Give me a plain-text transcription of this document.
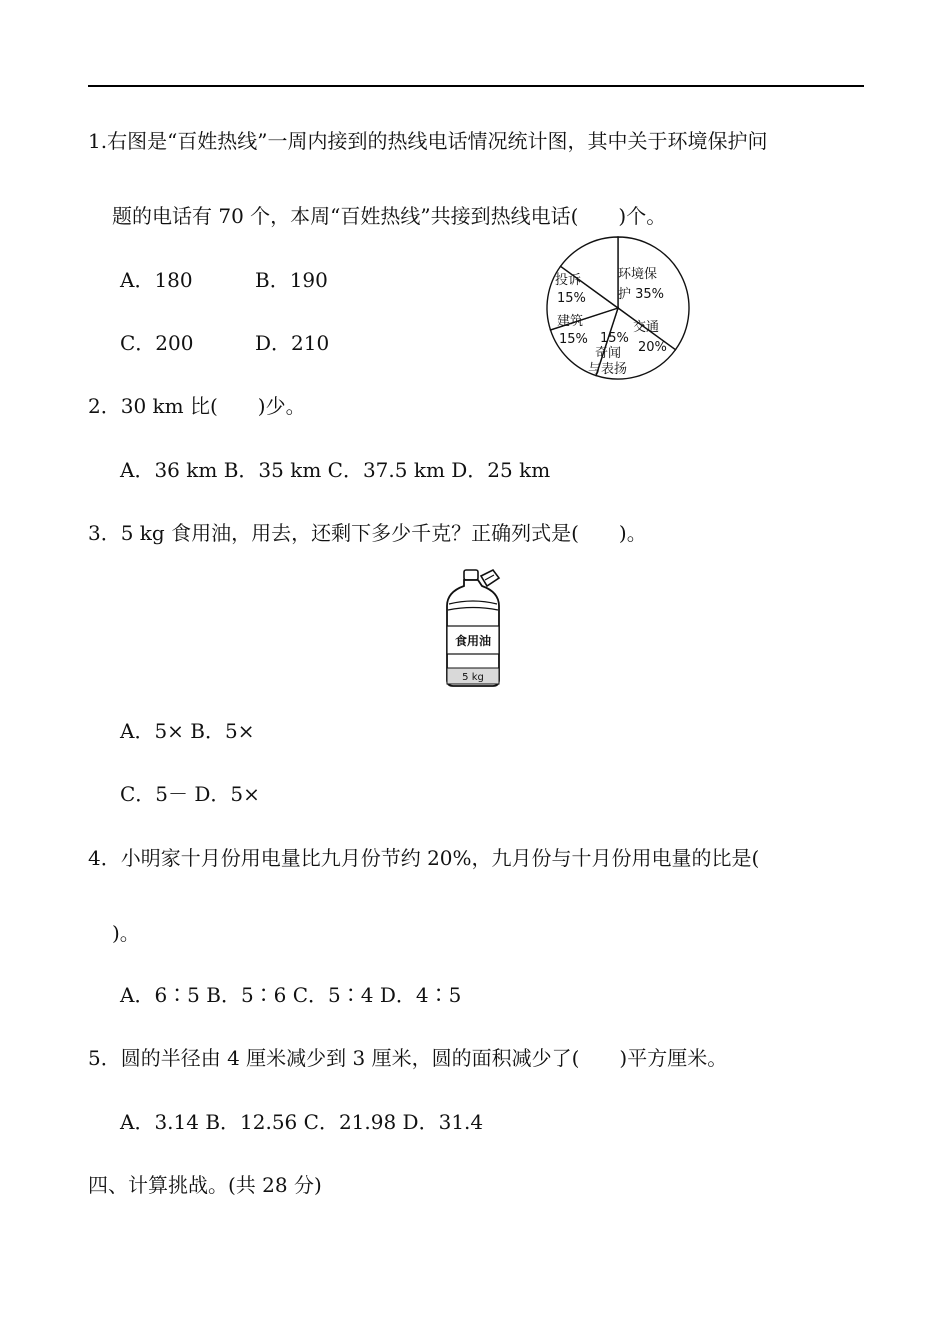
1.右图是“百姓热线”一周内接到的热线电话情况统计图，其中关于环境保护问
题的电话有 70 个，本周“百姓热线”共接到热线电话(　　)个。
A．180	B．190
C．200	D．210
投诉
15%
环境保
护 35%
建筑
15%
交通
20%
15%
奇闻
与表扬
2．30 km 比(　　)少。
A．36 km B．35 km C．37.5 km D．25 km
3．5 kg 食用油，用去，还剩下多少千克？正确列式是(　　)。
食用油
5 kg
A．5× B．5×
C．5－ D．5×
4．小明家十月份用电量比九月份节约 20%，九月份与十月份用电量的比是(
)。
A．6∶5 B．5∶6 C．5∶4 D．4∶5
5．圆的半径由 4 厘米减少到 3 厘米，圆的面积减少了(　　)平方厘米。
A．3.14 B．12.56 C．21.98 D．31.4
四、计算挑战。(共 28 分)
